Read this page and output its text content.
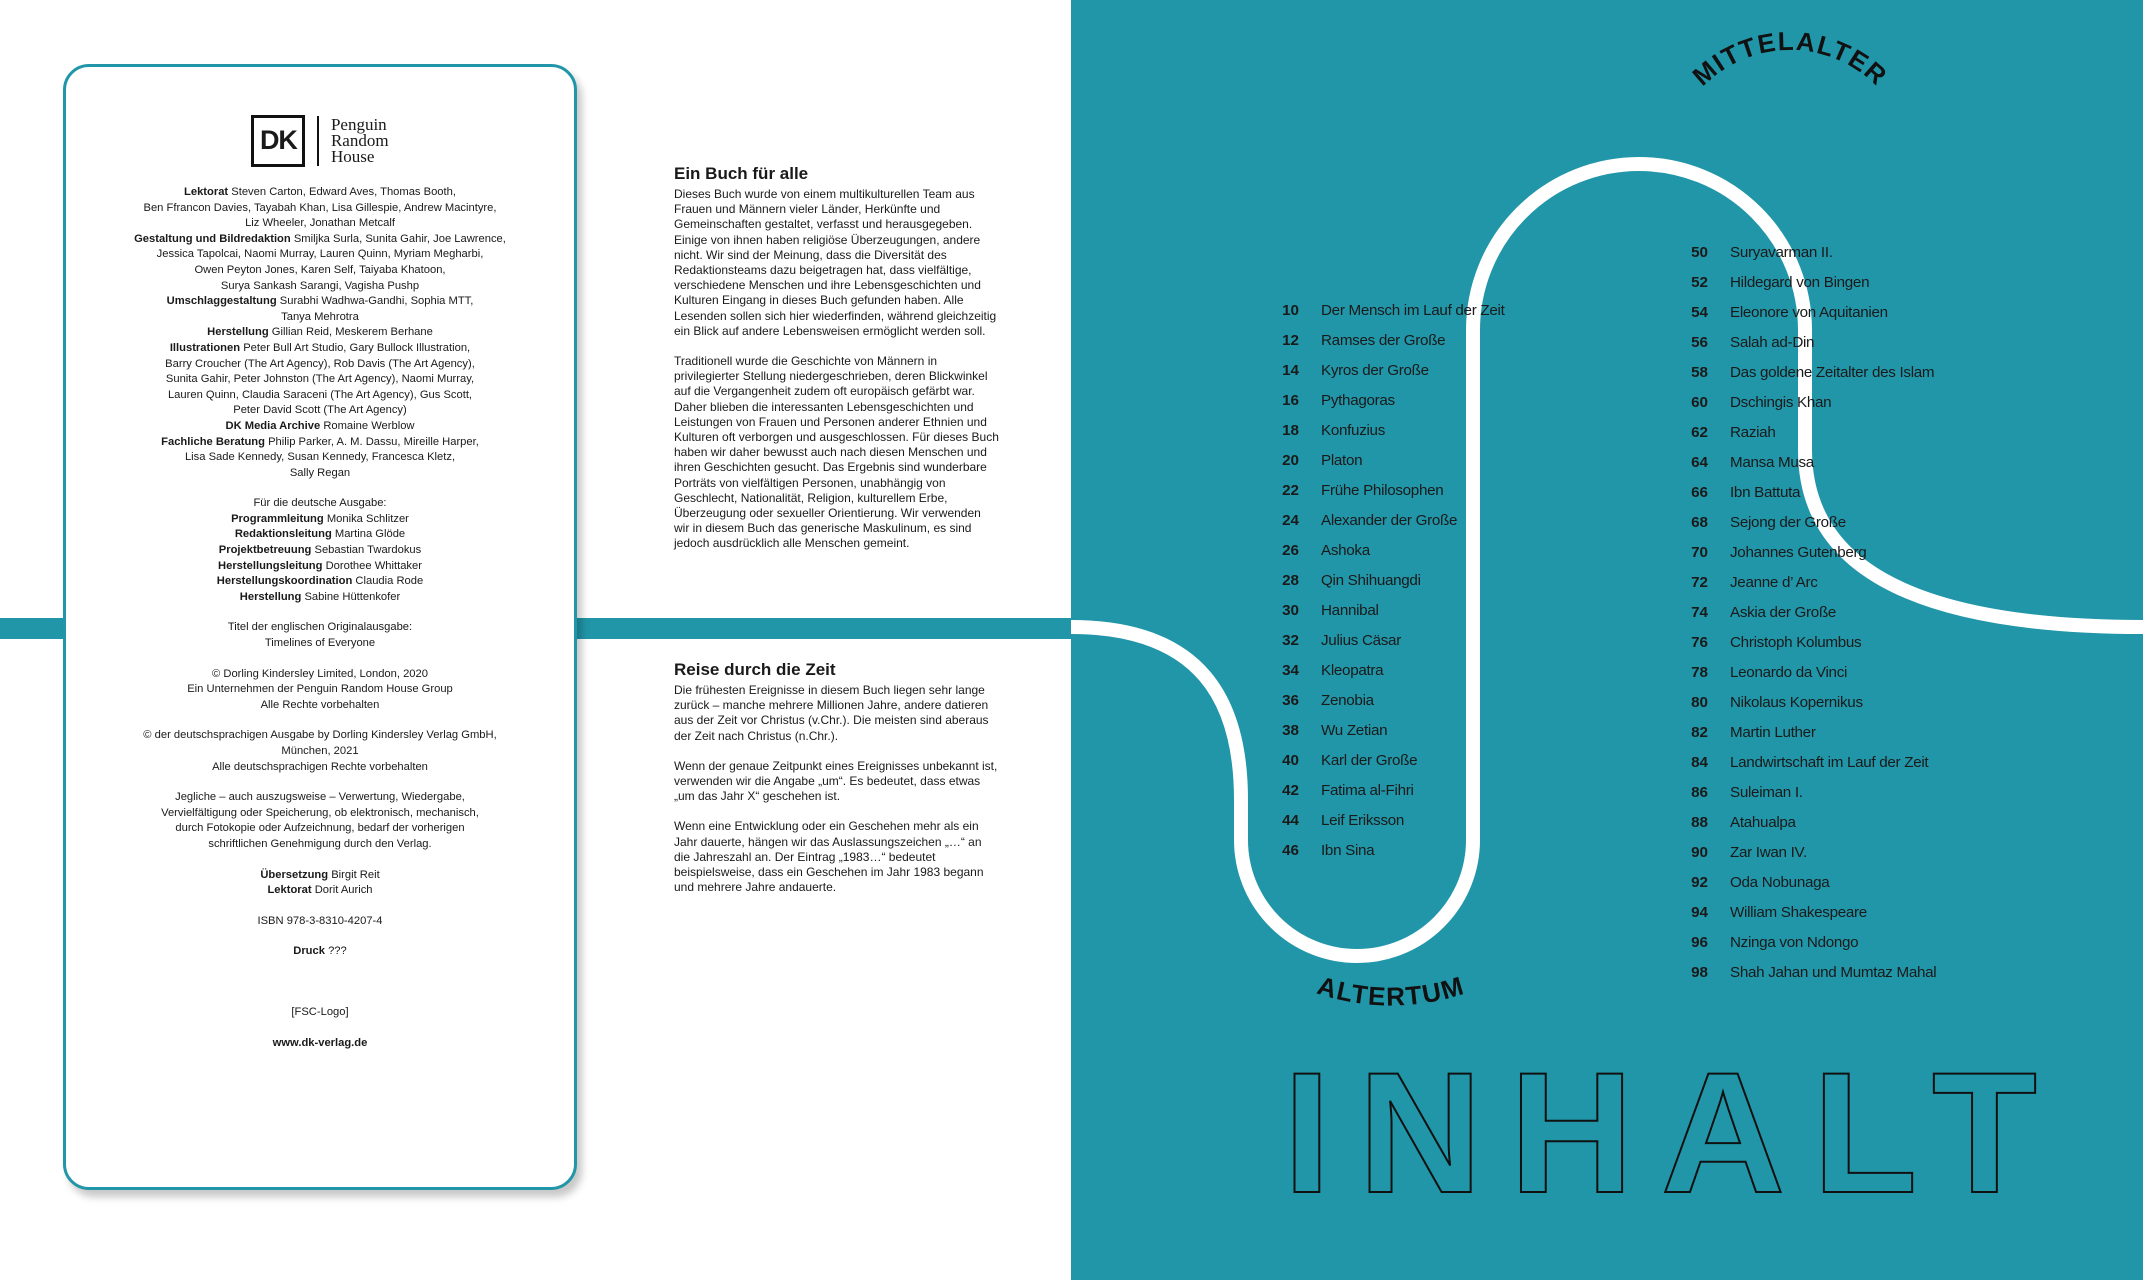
DK
Penguin
Random
House
Lektorat Steven Carton, Edward Aves, Thomas Booth,
Ben Ffrancon Davies, Tayabah Khan, Lisa Gillespie, Andrew Macintyre,
Liz Wheeler, Jonathan Metcalf
Gestaltung und Bildredaktion Smiljka Surla, Sunita Gahir, Joe Lawrence,
Jessica Tapolcai, Naomi Murray, Lauren Quinn, Myriam Megharbi,
Owen Peyton Jones, Karen Self, Taiyaba Khatoon,
Surya Sankash Sarangi, Vagisha Pushp
Umschlaggestaltung Surabhi Wadhwa-Gandhi, Sophia MTT,
Tanya Mehrotra
Herstellung Gillian Reid, Meskerem Berhane
Illustrationen Peter Bull Art Studio, Gary Bullock Illustration,
Barry Croucher (The Art Agency), Rob Davis (The Art Agency),
Sunita Gahir, Peter Johnston (The Art Agency), Naomi Murray,
Lauren Quinn, Claudia Saraceni (The Art Agency), Gus Scott,
Peter David Scott (The Art Agency)
DK Media Archive Romaine Werblow
Fachliche Beratung Philip Parker, A. M. Dassu, Mireille Harper,
Lisa Sade Kennedy, Susan Kennedy, Francesca Kletz,
Sally Regan
Für die deutsche Ausgabe:
Programmleitung Monika Schlitzer
Redaktionsleitung Martina Glöde
Projektbetreuung Sebastian Twardokus
Herstellungsleitung Dorothee Whittaker
Herstellungskoordination Claudia Rode
Herstellung Sabine Hüttenkofer
Titel der englischen Originalausgabe:
Timelines of Everyone
© Dorling Kindersley Limited, London, 2020
Ein Unternehmen der Penguin Random House Group
Alle Rechte vorbehalten
© der deutschsprachigen Ausgabe by Dorling Kindersley Verlag GmbH,
München, 2021
Alle deutschsprachigen Rechte vorbehalten
Jegliche – auch auszugsweise – Verwertung, Wiedergabe,
Vervielfältigung oder Speicherung, ob elektronisch, mechanisch,
durch Fotokopie oder Aufzeichnung, bedarf der vorherigen
schriftlichen Genehmigung durch den Verlag.
Übersetzung Birgit Reit
Lektorat Dorit Aurich
ISBN 978-3-8310-4207-4
Druck ???
[FSC-Logo]
www.dk-verlag.de
Ein Buch für alle

Dieses Buch wurde von einem multikulturellen Team aus Frauen und Männern vieler Länder, Herkünfte und Gemeinschaften gestaltet, verfasst und herausgegeben. Einige von ihnen haben religiöse Überzeugungen, andere nicht. Wir sind der Meinung, dass die Diversität des Redaktionsteams dazu beigetragen hat, dass vielfältige, verschiedene Menschen und ihre Lebensgeschichten und Kulturen Eingang in dieses Buch gefunden haben. Alle Lesenden sollen sich hier wiederfinden, während gleichzeitig ein Blick auf andere Lebensweisen ermöglicht werden soll.

Traditionell wurde die Geschichte von Männern in privilegierter Stellung niedergeschrieben, deren Blickwinkel auf die Vergangenheit zudem oft europäisch gefärbt war. Daher blieben die interessanten Lebensgeschichten und Leistungen von Frauen und Personen anderer Ethnien und Kulturen oft verborgen und ausgeschlossen. Für dieses Buch haben wir daher bewusst auch nach diesen Menschen und ihren Geschichten gesucht. Das Ergebnis sind wunderbare Porträts von vielfältigen Personen, unabhängig von Geschlecht, Nationalität, Religion, kulturellem Erbe, Überzeugung oder sexueller Orientierung. Wir verwenden wir in diesem Buch das generische Maskulinum, es sind jedoch ausdrücklich alle Menschen gemeint.

Reise durch die Zeit

Die frühesten Ereignisse in diesem Buch liegen sehr lange zurück – manche mehrere Millionen Jahre, andere datieren aus der Zeit vor Christus (v.Chr.). Die meisten sind aberaus der Zeit nach Christus (n.Chr.).

Wenn der genaue Zeitpunkt eines Ereignisses unbekannt ist, verwenden wir die Angabe „um“. Es bedeutet, dass etwas „um das Jahr X“ geschehen ist.

Wenn eine Entwicklung oder ein Geschehen mehr als ein Jahr dauerte, hängen wir das Auslassungszeichen „…“ an die Jahreszahl an. Der Eintrag „1983…“ bedeutet beispielsweise, dass ein Geschehen im Jahr 1983 begann und mehrere Jahre andauerte.

MITTELALTER
ALTERTUM
INHALT
10 Der Mensch im Lauf der Zeit
12 Ramses der Große
14 Kyros der Große
16 Pythagoras
18 Konfuzius
20 Platon
22 Frühe Philosophen
24 Alexander der Große
26 Ashoka
28 Qin Shihuangdi
30 Hannibal
32 Julius Cäsar
34 Kleopatra
36 Zenobia
38 Wu Zetian
40 Karl der Große
42 Fatima al-Fihri
44 Leif Eriksson
46 Ibn Sina
50 Suryavarman II.
52 Hildegard von Bingen
54 Eleonore von Aquitanien
56 Salah ad-Din
58 Das goldene Zeitalter des Islam
60 Dschingis Khan
62 Raziah
64 Mansa Musa
66 Ibn Battuta
68 Sejong der Große
70 Johannes Gutenberg
72 Jeanne d’ Arc
74 Askia der Große
76 Christoph Kolumbus
78 Leonardo da Vinci
80 Nikolaus Kopernikus
82 Martin Luther
84 Landwirtschaft im Lauf der Zeit
86 Suleiman I.
88 Atahualpa
90 Zar Iwan IV.
92 Oda Nobunaga
94 William Shakespeare
96 Nzinga von Ndongo
98 Shah Jahan und Mumtaz Mahal
